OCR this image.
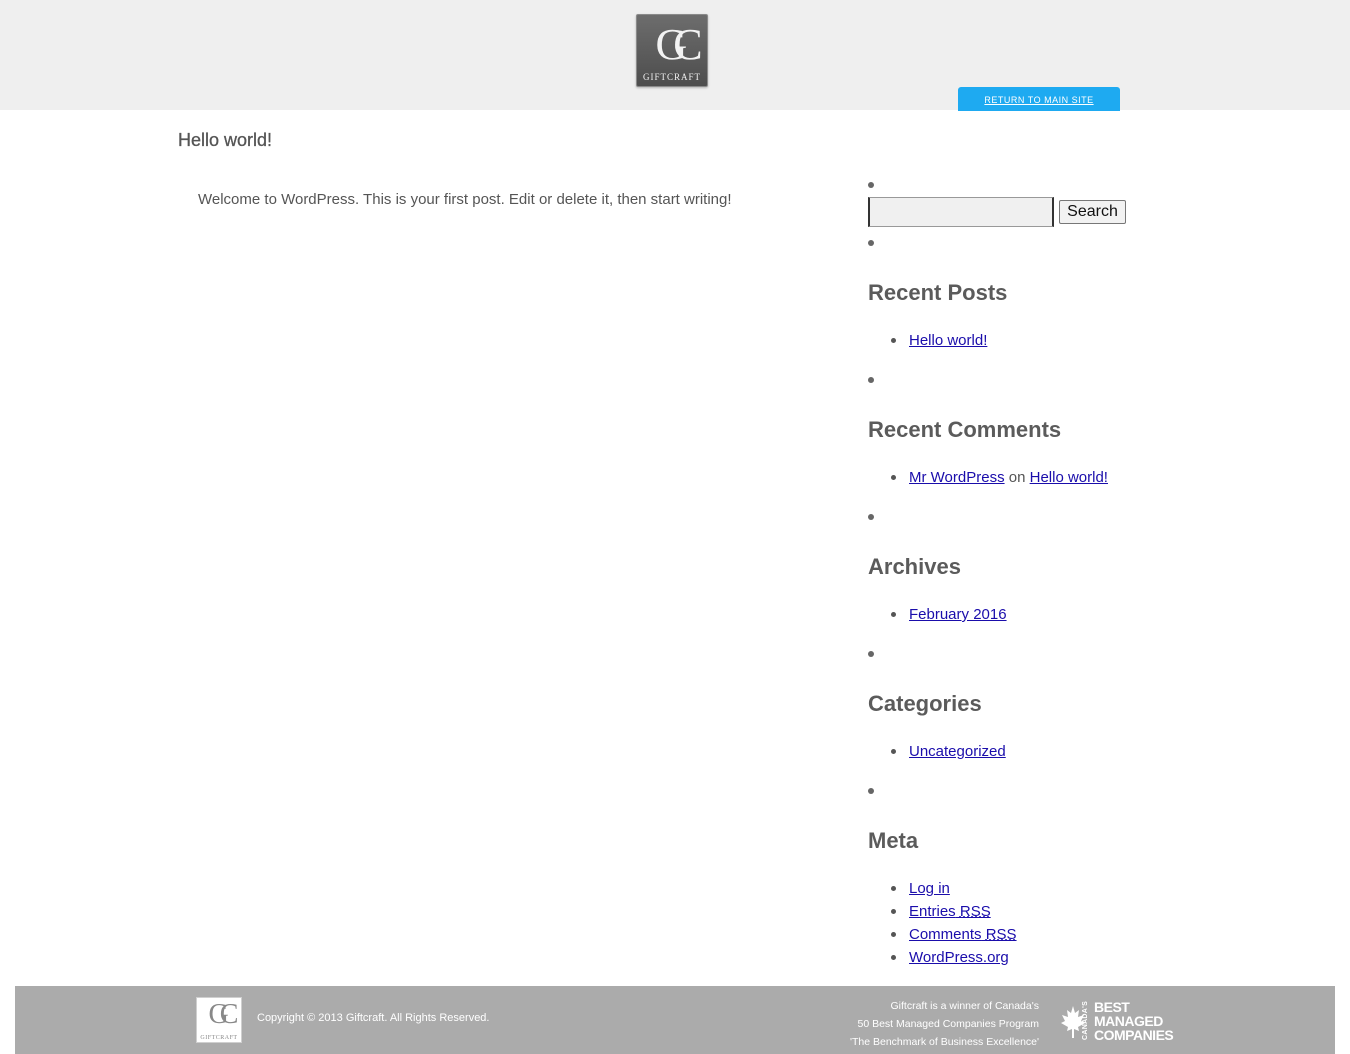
GC
GIFTCRAFT
RETURN TO MAIN SITE
Hello world!

Welcome to WordPress. This is your first post. Edit or delete it, then start writing!

Search
Recent Posts
Hello world!
Recent Comments
Mr WordPress on Hello world!
Archives
February 2016
Categories
Uncategorized
Meta
Log in
Entries RSS
Comments RSS
WordPress.org
GC
GIFTCRAFT
Copyright © 2013 Giftcraft. All Rights Reserved.
Giftcraft is a winner of Canada's
50 Best Managed Companies Program
'The Benchmark of Business Excellence'
CANADA'S BEST
MANAGED
COMPANIES
